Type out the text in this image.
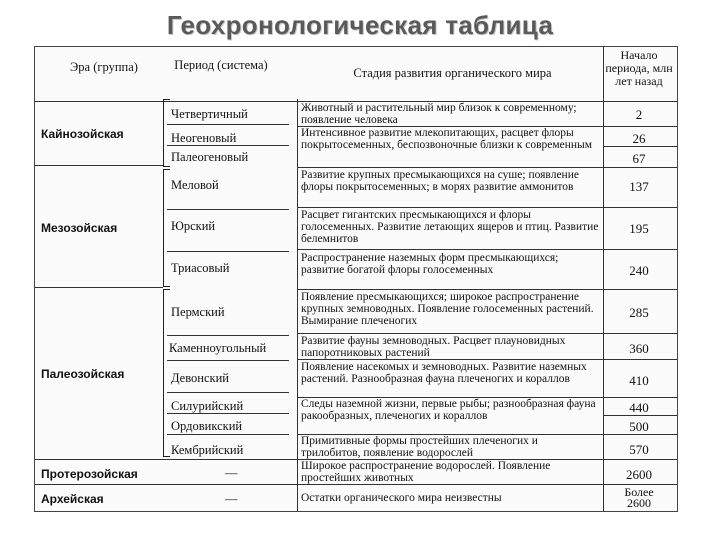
Геохронологическая таблица
Эра (группа)	Период (система)
Стадия развития органического мира
Начало периода, млн лет назад
Кайнозойская
Мезозойская
Палеозойская
Протерозойская
Архейская
Четвертичный
Неогеновый
Палеогеновый
Меловой
Юрский
Триасовый
Пермский
Каменноугольный
Девонский
Силурийский
Ордовикский
Кембрийский
—
—
Животный и растительный мир близок к современному; появление человека
Интенсивное развитие млекопитающих, расцвет флоры покрытосеменных, беспозвоночные близки к современным
Развитие крупных пресмыкающихся на суше; появление флоры покрытосеменных; в морях развитие аммонитов
Расцвет гигантских пресмыкающихся и флоры голосеменных. Развитие летающих ящеров и птиц. Развитие белемнитов
Распространение наземных форм пресмыкающихся; развитие богатой флоры голосеменных
Появление пресмыкающихся; широкое распространение крупных земноводных. Появление голосеменных растений. Вымирание плеченогих
Развитие фауны земноводных. Расцвет плауновидных папоротниковых растений
Появление насекомых и земноводных. Развитие наземных растений. Разнообразная фауна плеченогих и кораллов
Следы наземной жизни, первые рыбы; разнообразная фауна ракообразных, плеченогих и кораллов
Примитивные формы простейших плеченогих и трилобитов, появление водорослей
Широкое распространение водорослей. Появление простейших животных
Остатки органического мира неизвестны
2
26
67
137
195
240
285
360
410
440
500
570
2600
Более 2600
